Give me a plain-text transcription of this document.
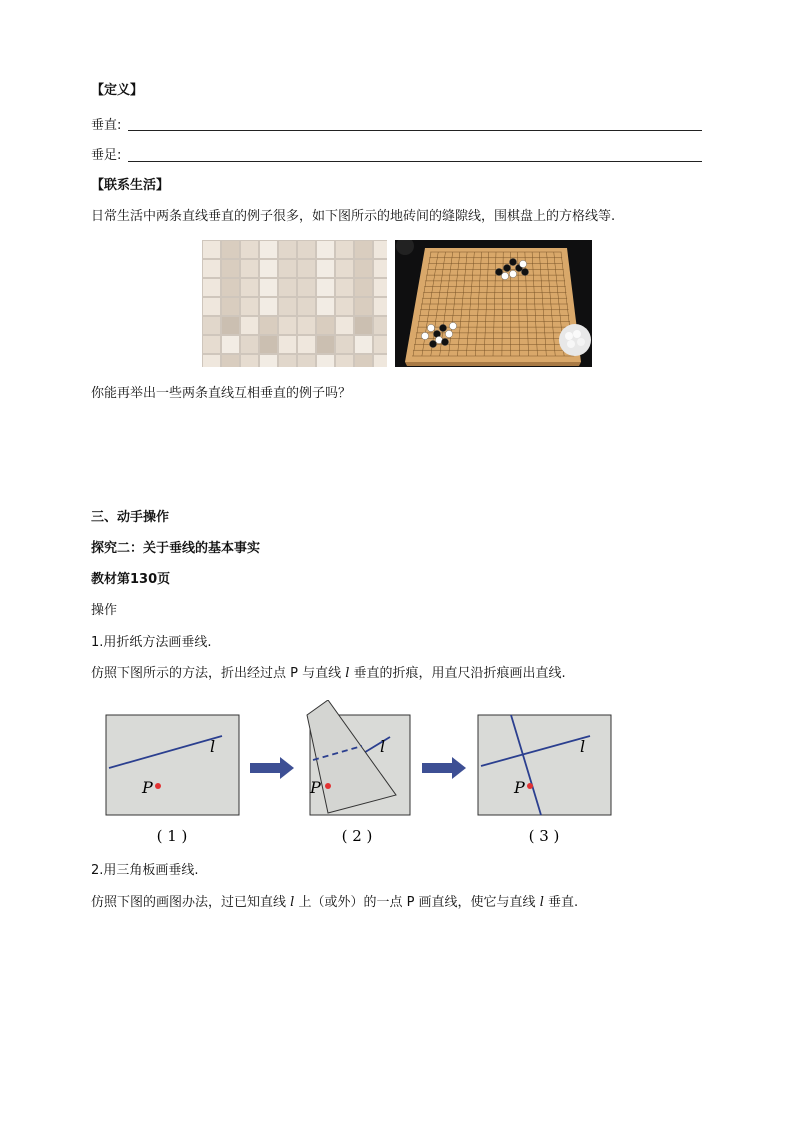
【定义】
垂直:
垂足:
【联系生活】
日常生活中两条直线垂直的例子很多，如下图所示的地砖间的缝隙线，围棋盘上的方格线等.
你能再举出一些两条直线互相垂直的例子吗？
三、动手操作
探究二：关于垂线的基本事实
教材第130页
操作
1.用折纸方法画垂线.
仿照下图所示的方法，折出经过点 P 与直线 l 垂直的折痕，用直尺沿折痕画出直线.
l
P
l
P
l
P
( 1 )	( 2 )	( 3 )
2.用三角板画垂线.
仿照下图的画图办法，过已知直线 l 上（或外）的一点 P 画直线，使它与直线 l 垂直.
